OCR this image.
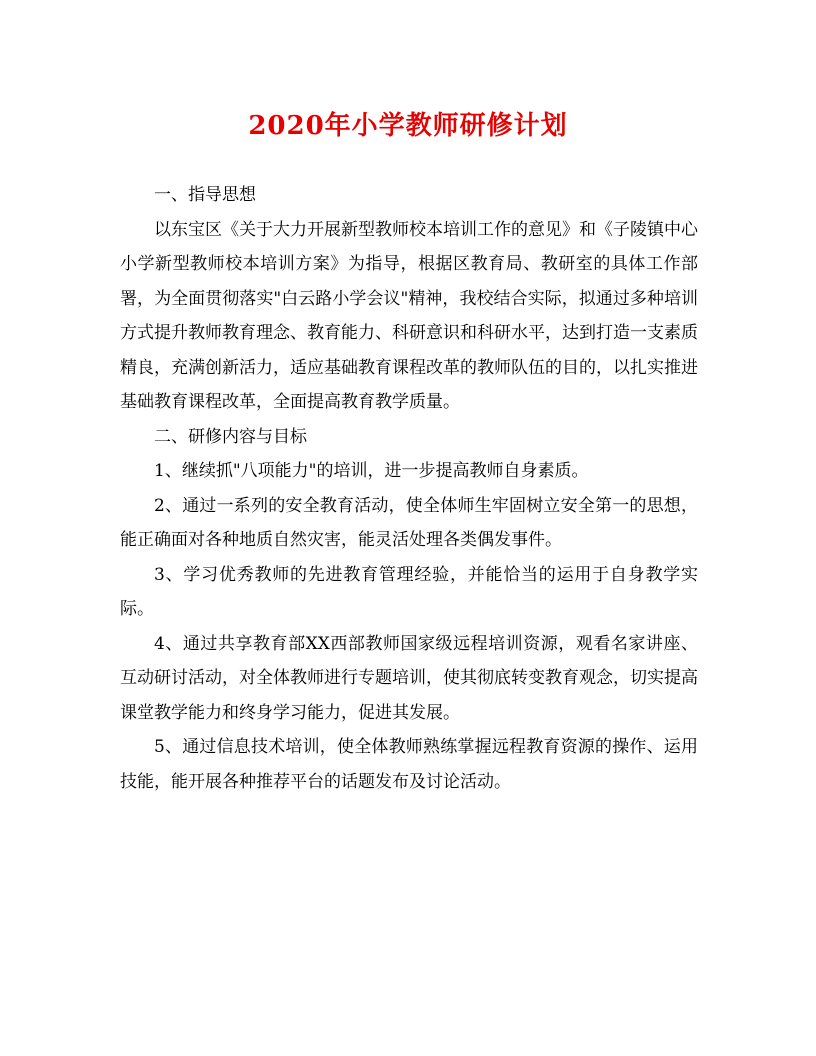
2020年小学教师研修计划

一、指导思想

以东宝区《关于大力开展新型教师校本培训工作的意见》和《子陵镇中心小学新型教师校本培训方案》为指导，根据区教育局、教研室的具体工作部署，为全面贯彻落实"白云路小学会议"精神，我校结合实际，拟通过多种培训方式提升教师教育理念、教育能力、科研意识和科研水平，达到打造一支素质精良，充满创新活力，适应基础教育课程改革的教师队伍的目的，以扎实推进基础教育课程改革，全面提高教育教学质量。

二、研修内容与目标

1、继续抓"八项能力"的培训，进一步提高教师自身素质。

2、通过一系列的安全教育活动，使全体师生牢固树立安全第一的思想，能正确面对各种地质自然灾害，能灵活处理各类偶发事件。

3、学习优秀教师的先进教育管理经验，并能恰当的运用于自身教学实际。

4、通过共享教育部XX西部教师国家级远程培训资源，观看名家讲座、互动研讨活动，对全体教师进行专题培训，使其彻底转变教育观念，切实提高课堂教学能力和终身学习能力，促进其发展。

5、通过信息技术培训，使全体教师熟练掌握远程教育资源的操作、运用技能，能开展各种推荐平台的话题发布及讨论活动。
